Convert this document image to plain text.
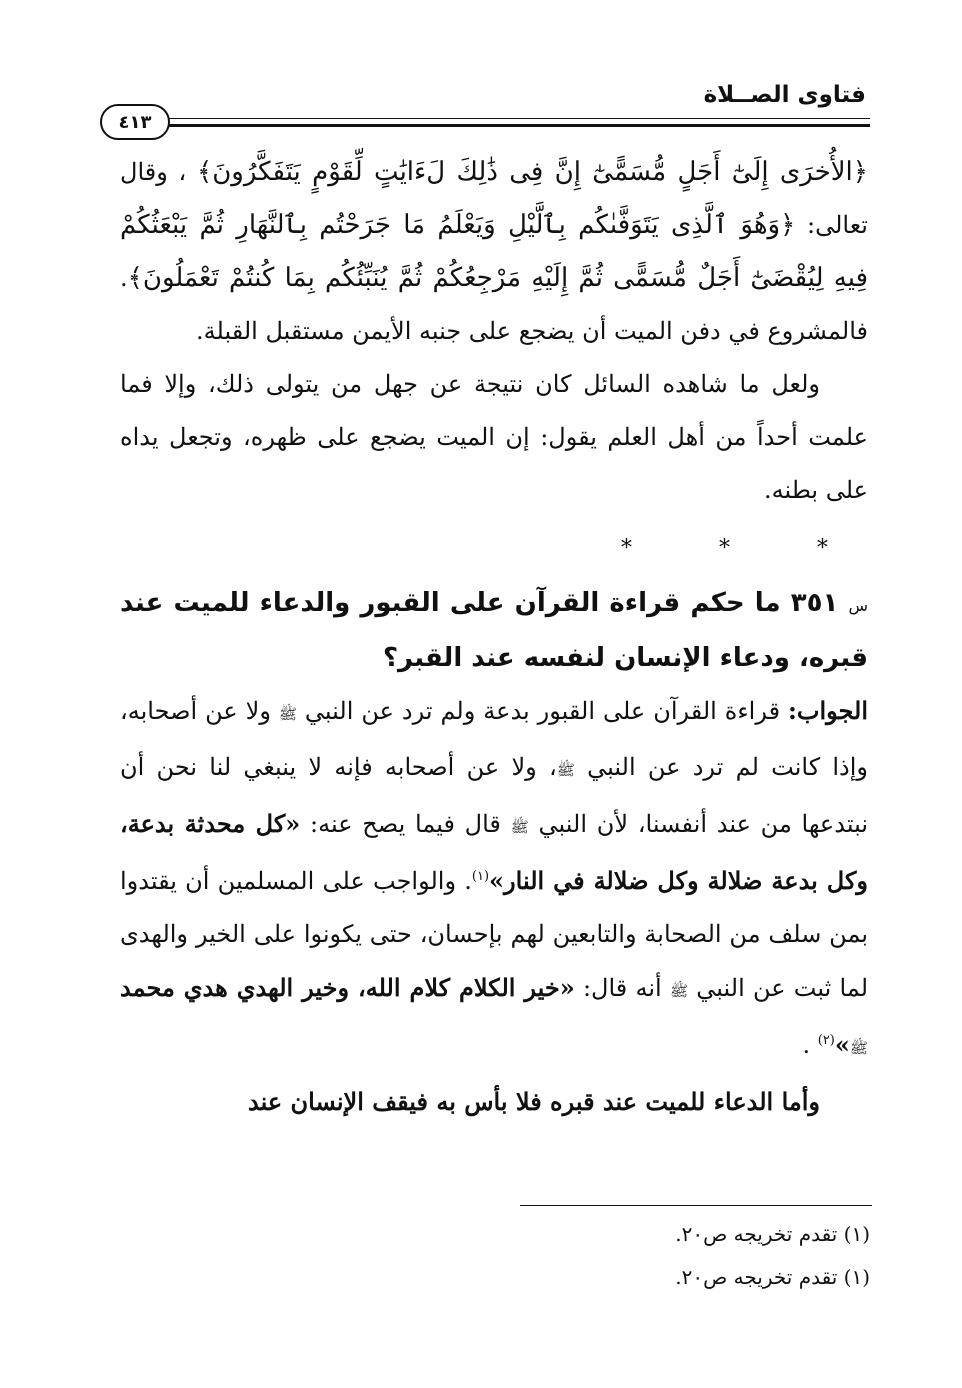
فتاوى الصــلاة
٤١٣

﴿الأُخرَى إِلَىٰٓ أَجَلٍ مُّسَمًّىٰٓ إِنَّ فِى ذَٰلِكَ لَءَايَٰتٍ لِّقَوْمٍ يَتَفَكَّرُونَ﴾ ، وقال تعالى: ﴿وَهُوَ ٱلَّذِى يَتَوَفَّىٰكُم بِٱلَّيْلِ وَيَعْلَمُ مَا جَرَحْتُم بِٱلنَّهَارِ ثُمَّ يَبْعَثُكُمْ فِيهِ لِيُقْضَىٰٓ أَجَلٌ مُّسَمًّى ثُمَّ إِلَيْهِ مَرْجِعُكُمْ ثُمَّ يُنَبِّئُكُم بِمَا كُنتُمْ تَعْمَلُونَ﴾. فالمشروع في دفن الميت أن يضجع على جنبه الأيمن مستقبل القبلة.

ولعل ما شاهده السائل كان نتيجة عن جهل من يتولى ذلك، وإلا فما علمت أحداً من أهل العلم يقول: إن الميت يضجع على ظهره، وتجعل يداه على بطنه.

* * *

س ٣٥١ ما حكم قراءة القرآن على القبور والدعاء للميت عند قبره، ودعاء الإنسان لنفسه عند القبر؟

الجواب: قراءة القرآن على القبور بدعة ولم ترد عن النبي ﷺ ولا عن أصحابه، وإذا كانت لم ترد عن النبي ﷺ، ولا عن أصحابه فإنه لا ينبغي لنا نحن أن نبتدعها من عند أنفسنا، لأن النبي ﷺ قال فيما يصح عنه: «كل محدثة بدعة، وكل بدعة ضلالة وكل ضلالة في النار»$^{(١)}$. والواجب على المسلمين أن يقتدوا بمن سلف من الصحابة والتابعين لهم بإحسان، حتى يكونوا على الخير والهدى لما ثبت عن النبي ﷺ أنه قال: «خير الكلام كلام الله، وخير الهدي هدي محمد ﷺ»$^{(٢)}$ .

وأما الدعاء للميت عند قبره فلا بأس به فيقف الإنسان عند

(١) تقدم تخريجه ص٢٠.
(١) تقدم تخريجه ص٢٠.
